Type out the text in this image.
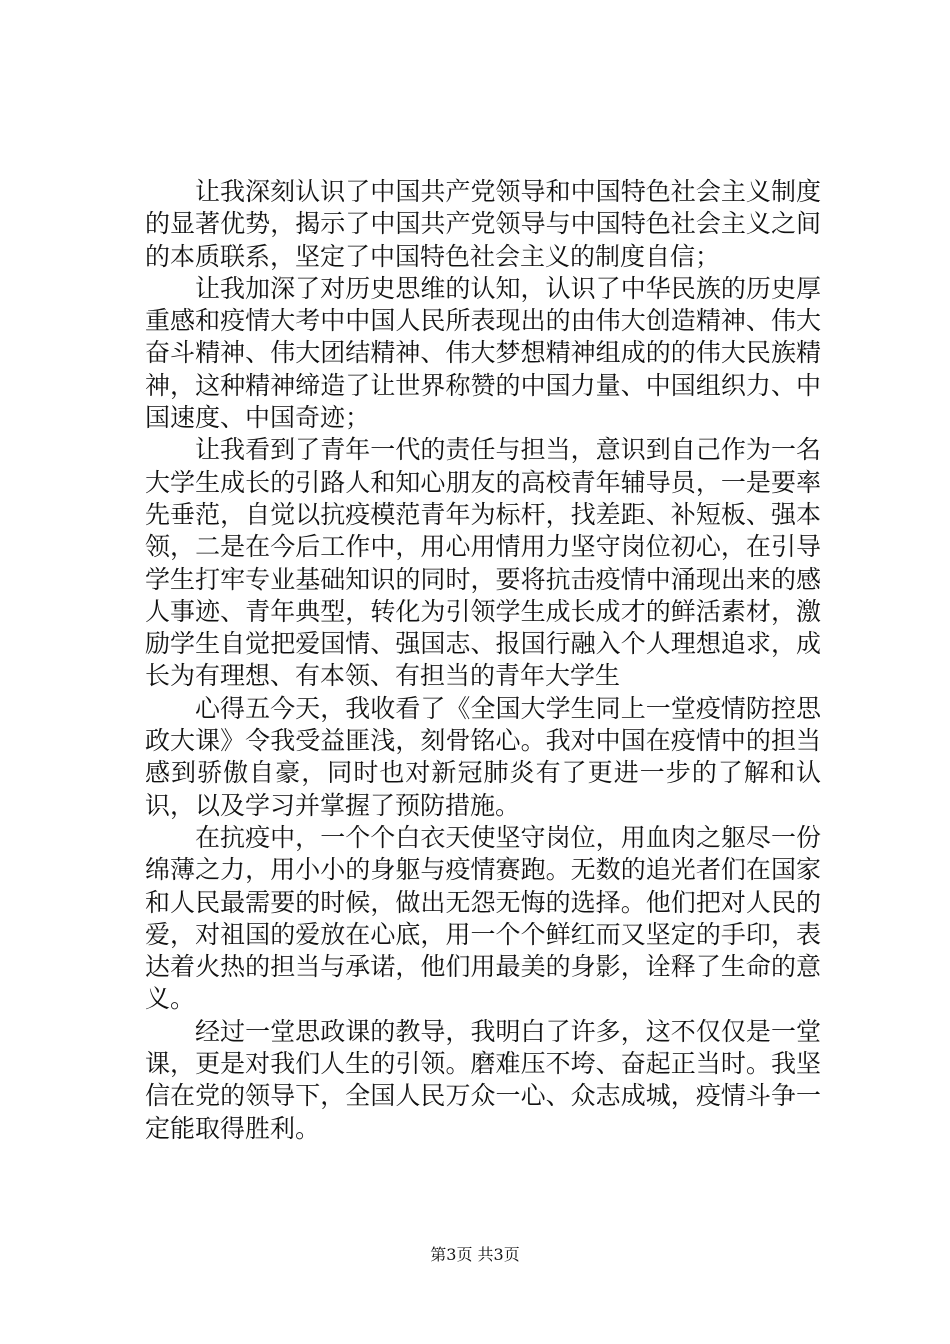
让我深刻认识了中国共产党领导和中国特色社会主义制度的显著优势，揭示了中国共产党领导与中国特色社会主义之间的本质联系，坚定了中国特色社会主义的制度自信；

让我加深了对历史思维的认知，认识了中华民族的历史厚重感和疫情大考中中国人民所表现出的由伟大创造精神、伟大奋斗精神、伟大团结精神、伟大梦想精神组成的的伟大民族精神，这种精神缔造了让世界称赞的中国力量、中国组织力、中国速度、中国奇迹；

让我看到了青年一代的责任与担当，意识到自己作为一名大学生成长的引路人和知心朋友的高校青年辅导员，一是要率先垂范，自觉以抗疫模范青年为标杆，找差距、补短板、强本领，二是在今后工作中，用心用情用力坚守岗位初心，在引导学生打牢专业基础知识的同时，要将抗击疫情中涌现出来的感人事迹、青年典型，转化为引领学生成长成才的鲜活素材，激励学生自觉把爱国情、强国志、报国行融入个人理想追求，成长为有理想、有本领、有担当的青年大学生

心得五今天，我收看了《全国大学生同上一堂疫情防控思政大课》令我受益匪浅，刻骨铭心。我对中国在疫情中的担当感到骄傲自豪，同时也对新冠肺炎有了更进一步的了解和认识，以及学习并掌握了预防措施。

在抗疫中，一个个白衣天使坚守岗位，用血肉之躯尽一份绵薄之力，用小小的身躯与疫情赛跑。无数的追光者们在国家和人民最需要的时候，做出无怨无悔的选择。他们把对人民的爱，对祖国的爱放在心底，用一个个鲜红而又坚定的手印，表达着火热的担当与承诺，他们用最美的身影，诠释了生命的意义。

经过一堂思政课的教导，我明白了许多，这不仅仅是一堂课，更是对我们人生的引领。磨难压不垮、奋起正当时。我坚信在党的领导下，全国人民万众一心、众志成城，疫情斗争一定能取得胜利。

第3页 共3页
